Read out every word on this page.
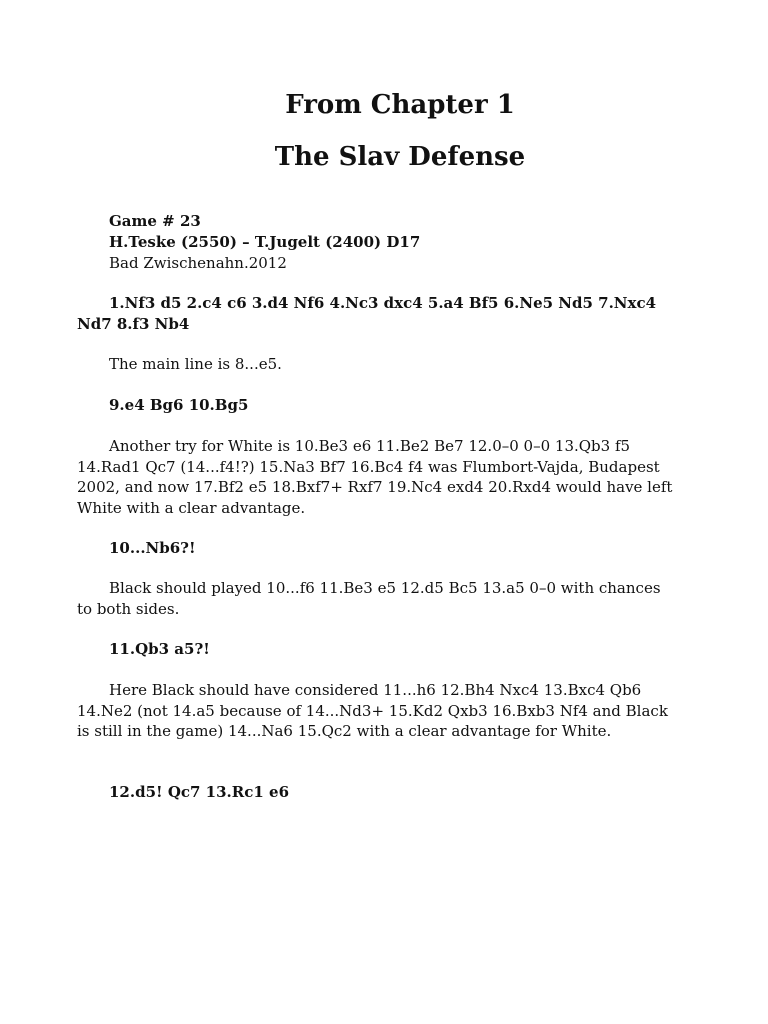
From Chapter 1
The Slav Defense
Game # 23
H.Teske (2550) – T.Jugelt (2400) D17
Bad Zwischenahn.2012

1.Nf3 d5 2.c4 c6 3.d4 Nf6 4.Nc3 dxc4 5.a4 Bf5 6.Ne5 Nd5 7.Nxc4 Nd7 8.f3 Nb4

The main line is 8...e5.

9.e4 Bg6 10.Bg5

Another try for White is 10.Be3 e6 11.Be2 Be7 12.0–0 0–0 13.Qb3 f5 14.Rad1 Qc7 (14...f4!?) 15.Na3 Bf7 16.Bc4 f4 was Flumbort-Vajda, Budapest 2002, and now 17.Bf2 e5 18.Bxf7+ Rxf7 19.Nc4 exd4 20.Rxd4 would have left White with a clear advantage.

10...Nb6?!

Black should played 10...f6 11.Be3 e5 12.d5 Bc5 13.a5 0–0 with chances to both sides.

11.Qb3 a5?!

Here Black should have considered 11...h6 12.Bh4 Nxc4 13.Bxc4 Qb6 14.Ne2 (not 14.a5 because of 14...Nd3+ 15.Kd2 Qxb3 16.Bxb3 Nf4 and Black is still in the game) 14...Na6 15.Qc2 with a clear advantage for White.

12.d5! Qc7 13.Rc1 e6
